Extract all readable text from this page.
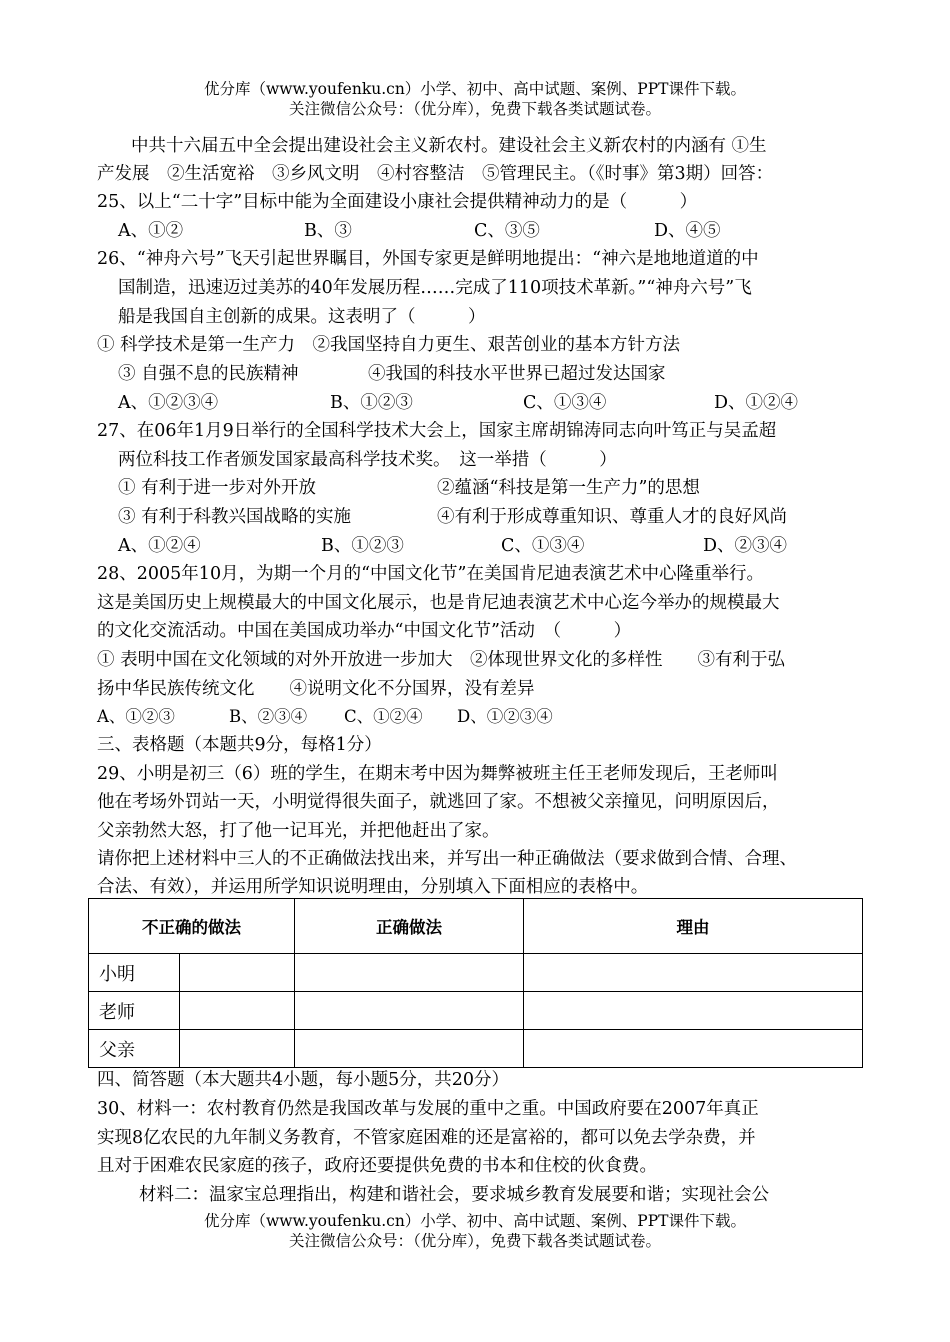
优分库（www.youfenku.cn）小学、初中、高中试题、案例、PPT课件下载。
关注微信公众号：（优分库），免费下载各类试题试卷。
中共十六届五中全会提出建设社会主义新农村。建设社会主义新农村的内涵有 ①生
产发展　②生活宽裕　③乡风文明　④村容整洁　⑤管理民主。（《时事》第3期）回答：
25、以上“二十字”目标中能为全面建设小康社会提供精神动力的是（　　　）
A、①②	B、③	C、③⑤	D、④⑤
26、“神舟六号”飞天引起世界瞩目，外国专家更是鲜明地提出：“神六是地地道道的中
国制造，迅速迈过美苏的40年发展历程……完成了110项技术革新。”“神舟六号”飞
船是我国自主创新的成果。这表明了（　　　）
① 科学技术是第一生产力　②我国坚持自力更生、艰苦创业的基本方针方法
③ 自强不息的民族精神	④我国的科技水平世界已超过发达国家
A、①②③④	B、①②③	C、①③④	D、①②④
27、在06年1月9日举行的全国科学技术大会上，国家主席胡锦涛同志向叶笃正与吴孟超
两位科技工作者颁发国家最高科学技术奖。　这一举措（　　　）
① 有利于进一步对外开放	②蕴涵“科技是第一生产力”的思想
③ 有利于科教兴国战略的实施	④有利于形成尊重知识、尊重人才的良好风尚
A、①②④	B、①②③	C、①③④	D、②③④
28、2005年10月，为期一个月的“中国文化节”在美国肯尼迪表演艺术中心隆重举行。
这是美国历史上规模最大的中国文化展示，也是肯尼迪表演艺术中心迄今举办的规模最大
的文化交流活动。中国在美国成功举办“中国文化节”活动　（　　　）
① 表明中国在文化领域的对外开放进一步加大　②体现世界文化的多样性　　③有利于弘
扬中华民族传统文化　　④说明文化不分国界，没有差异
A、①②③	B、②③④ C、①②④ D、①②③④
三、表格题（本题共9分，每格1分）
29、小明是初三（6）班的学生，在期末考中因为舞弊被班主任王老师发现后，王老师叫
他在考场外罚站一天，小明觉得很失面子，就逃回了家。不想被父亲撞见，问明原因后，
父亲勃然大怒，打了他一记耳光，并把他赶出了家。
请你把上述材料中三人的不正确做法找出来，并写出一种正确做法（要求做到合情、合理、
合法、有效），并运用所学知识说明理由，分别填入下面相应的表格中。
不正确的做法		正确做法	理由
小明			
老师			
父亲			
四、简答题（本大题共4小题，每小题5分，共20分）
30、材料一：农村教育仍然是我国改革与发展的重中之重。中国政府要在2007年真正
实现8亿农民的九年制义务教育，不管家庭困难的还是富裕的，都可以免去学杂费，并
且对于困难农民家庭的孩子，政府还要提供免费的书本和住校的伙食费。
材料二：温家宝总理指出，构建和谐社会，要求城乡教育发展要和谐；实现社会公
优分库（www.youfenku.cn）小学、初中、高中试题、案例、PPT课件下载。
关注微信公众号：（优分库），免费下载各类试题试卷。
